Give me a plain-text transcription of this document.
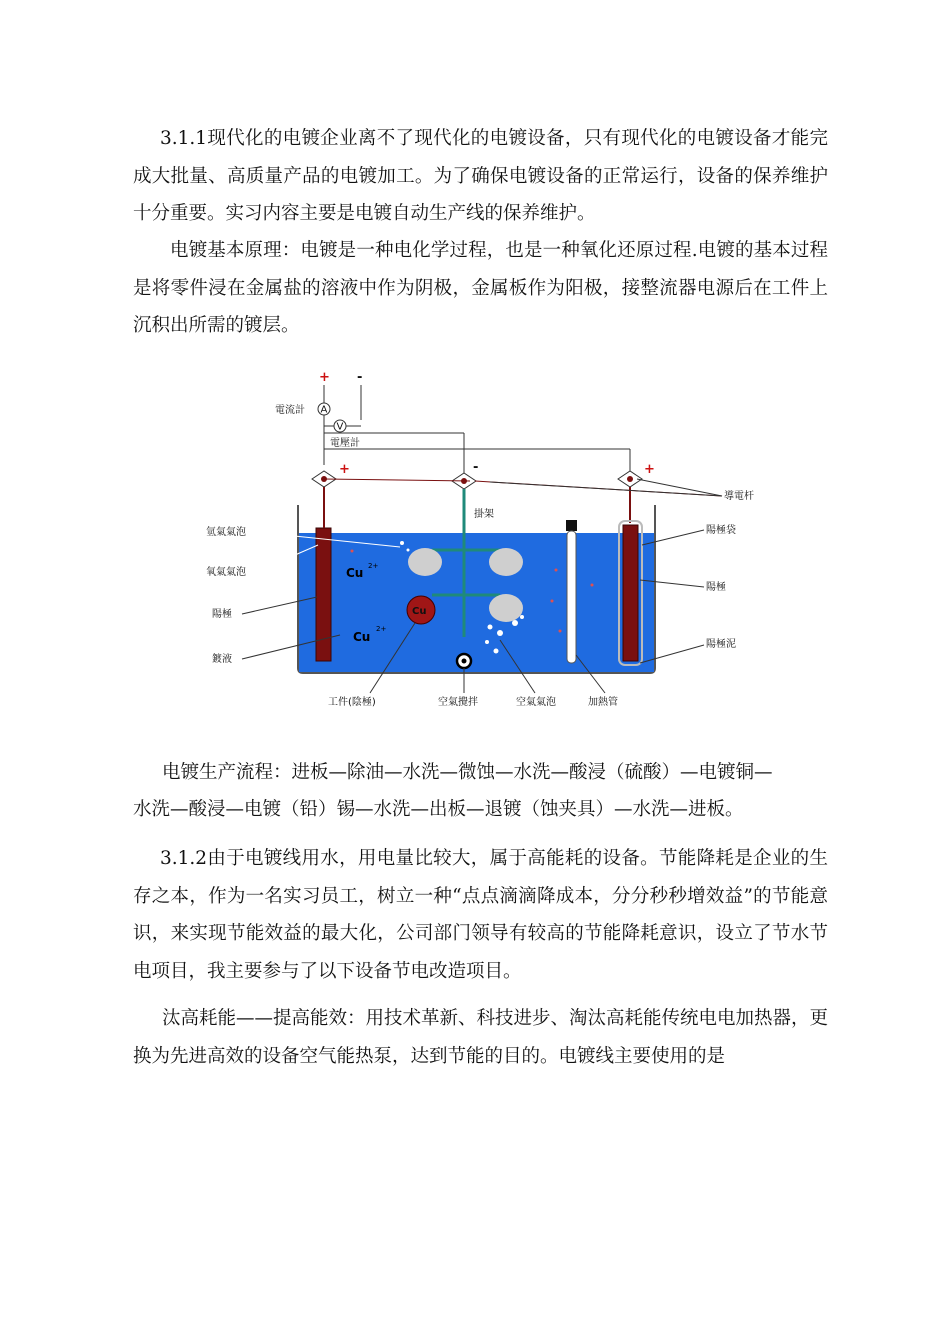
3.1.1现代化的电镀企业离不了现代化的电镀设备，只有现代化的电镀设备才能完成大批量、高质量产品的电镀加工。为了确保电镀设备的正常运行，设备的保养维护十分重要。实习内容主要是电镀自动生产线的保养维护。

电镀基本原理：电镀是一种电化学过程，也是一种氧化还原过程.电镀的基本过程是将零件浸在金属盐的溶液中作为阴极，金属板作为阳极，接整流器电源后在工件上沉积出所需的镀层。

+ -
A
電流計
V
電壓計
+	-
掛架
Cu
Cu 2+
Cu
2+
+
導電杆
氫氣氣泡
氧氣氣泡
陽極
鍍液
陽極袋
陽極
陽極泥
工件(陰極)	空氣攪拌	空氣氣泡	加熱管

电镀生产流程：进板—除油—水洗—微蚀—水洗—酸浸（硫酸）—电镀铜—

水洗—酸浸—电镀（铅）锡—水洗—出板—退镀（蚀夹具）—水洗—进板。

3.1.2由于电镀线用水，用电量比较大，属于高能耗的设备。节能降耗是企业的生存之本，作为一名实习员工，树立一种“点点滴滴降成本，分分秒秒增效益”的节能意识，来实现节能效益的最大化，公司部门领导有较高的节能降耗意识，设立了节水节电项目，我主要参与了以下设备节电改造项目。

汰高耗能——提高能效：用技术革新、科技进步、淘汰高耗能传统电电加热器，更换为先进高效的设备空气能热泵，达到节能的目的。电镀线主要使用的是
